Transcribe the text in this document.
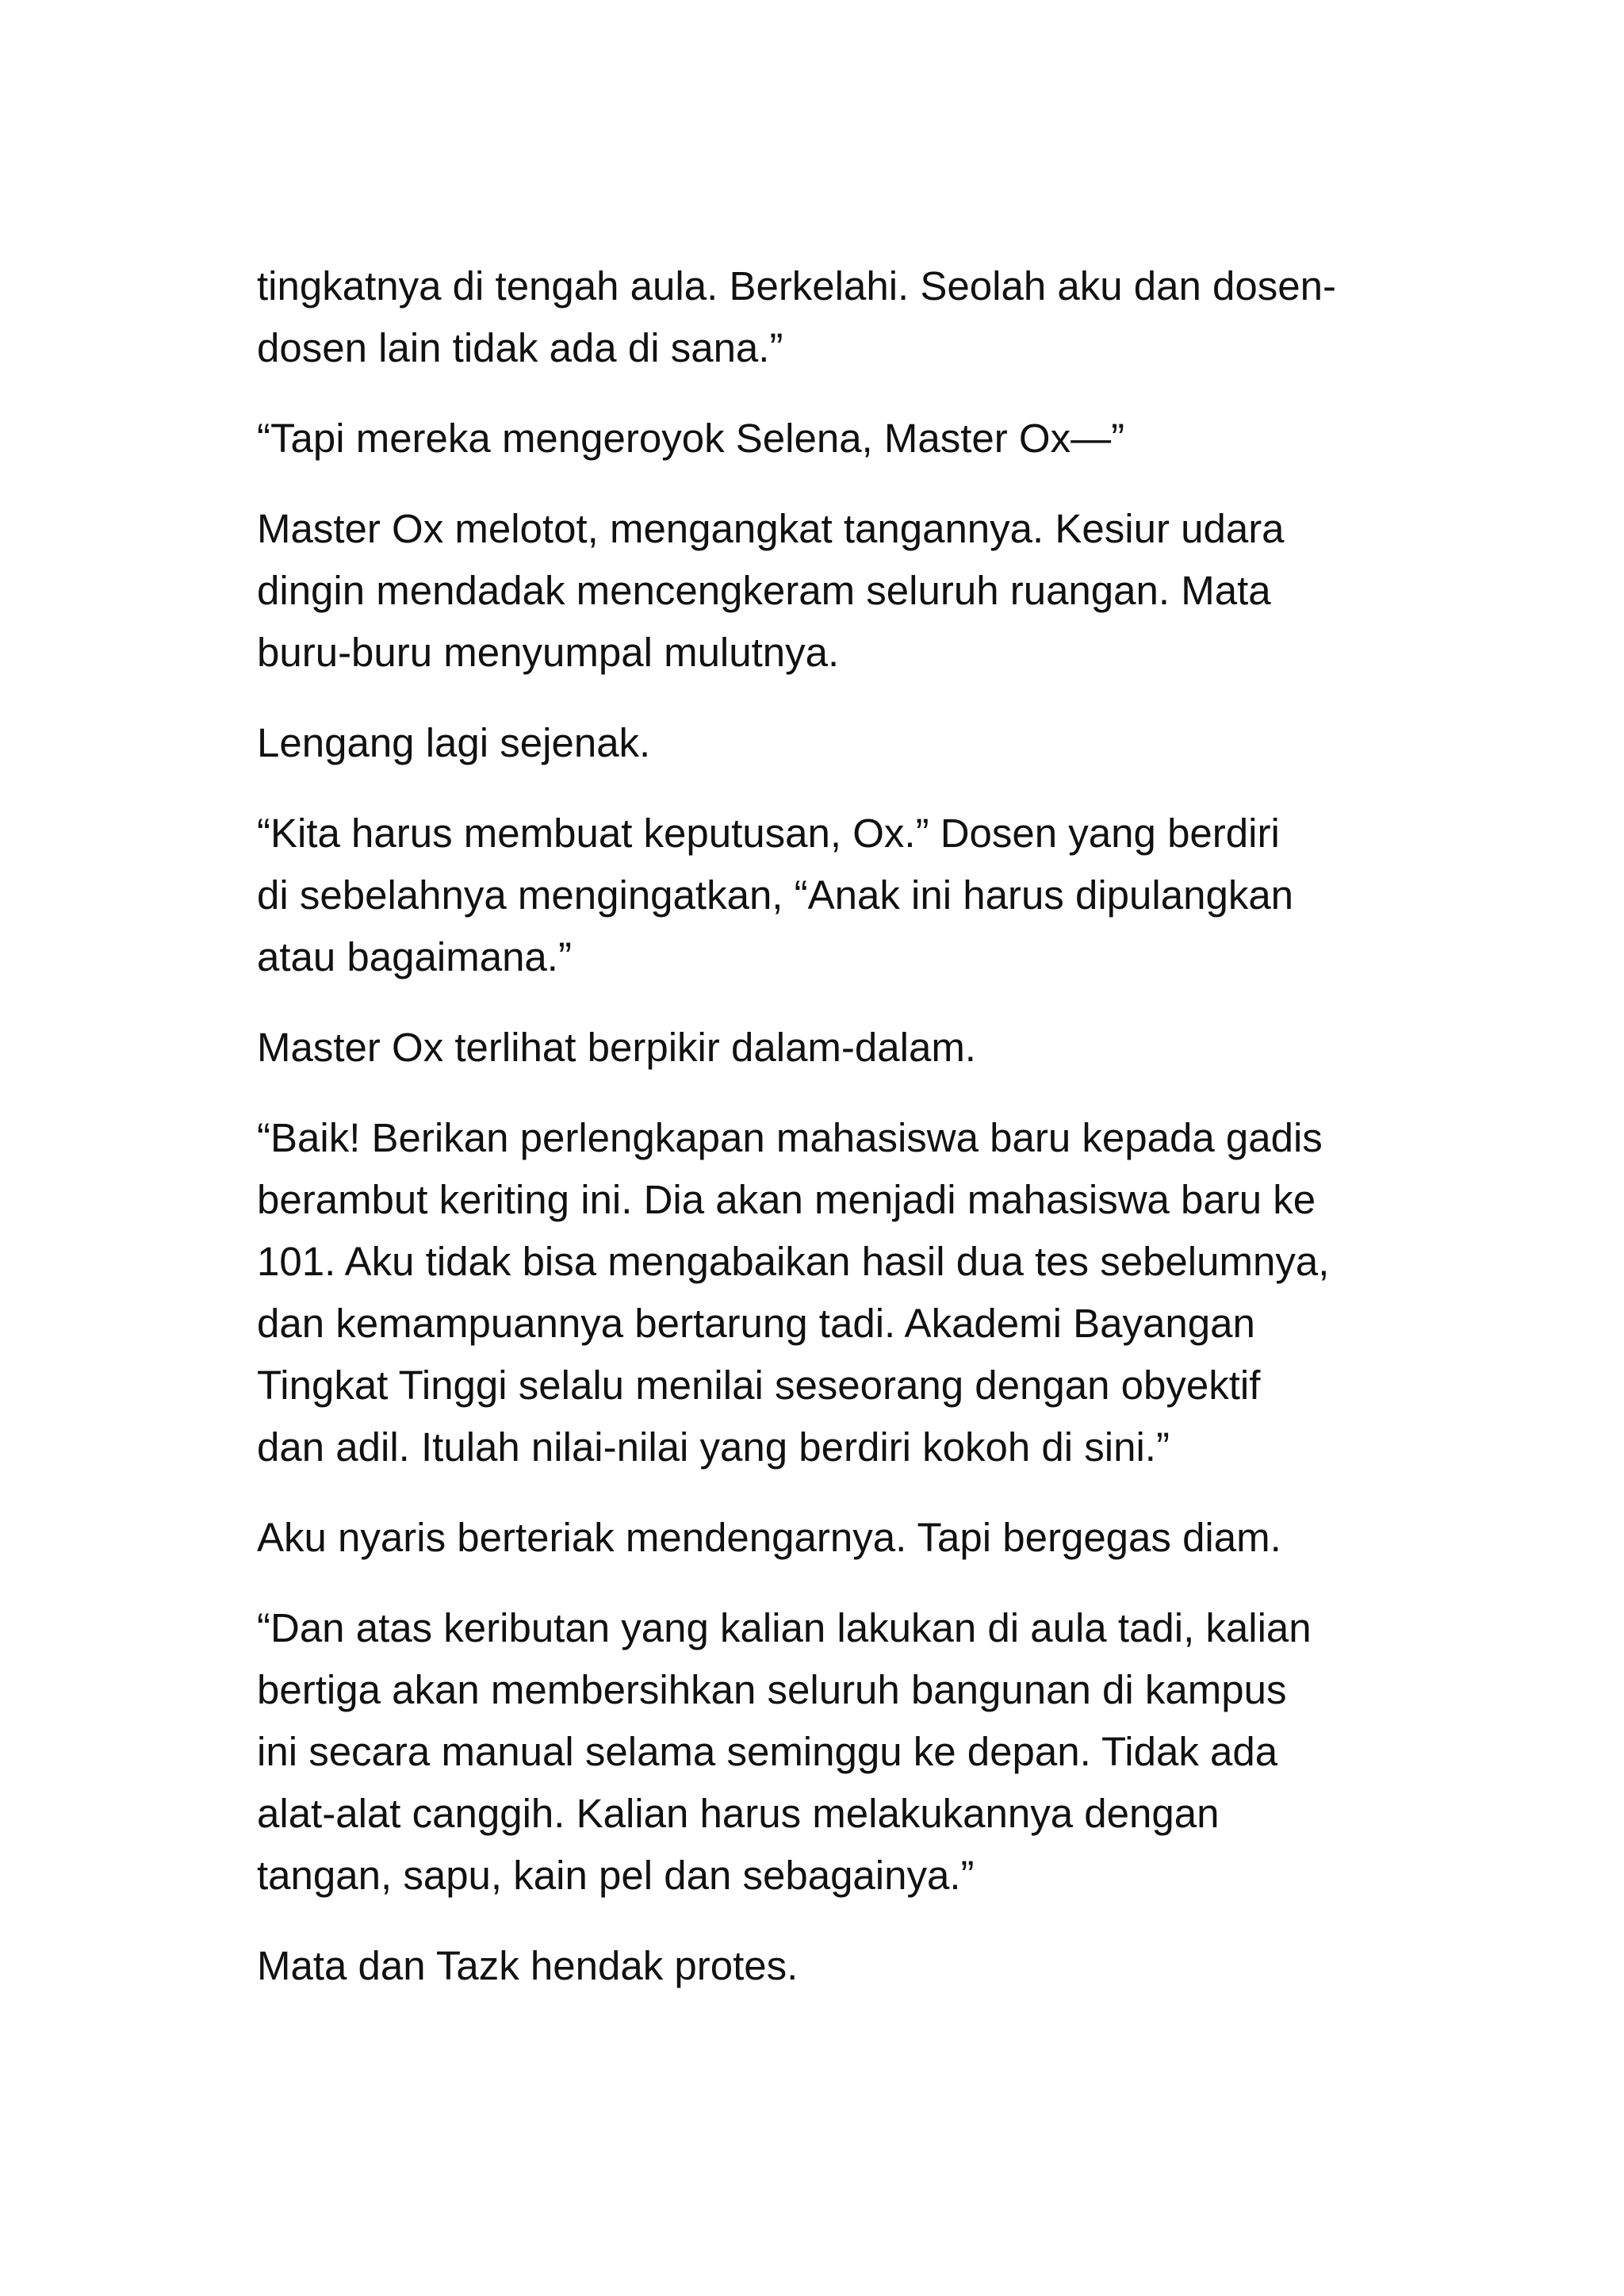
tingkatnya di tengah aula. Berkelahi. Seolah aku dan dosen-
dosen lain tidak ada di sana.”
“Tapi mereka mengeroyok Selena, Master Ox—”
Master Ox melotot, mengangkat tangannya. Kesiur udara
dingin mendadak mencengkeram seluruh ruangan. Mata
buru-buru menyumpal mulutnya.
Lengang lagi sejenak.
“Kita harus membuat keputusan, Ox.” Dosen yang berdiri
di sebelahnya mengingatkan, “Anak ini harus dipulangkan
atau bagaimana.”
Master Ox terlihat berpikir dalam-dalam.
“Baik! Berikan perlengkapan mahasiswa baru kepada gadis
berambut keriting ini. Dia akan menjadi mahasiswa baru ke
101. Aku tidak bisa mengabaikan hasil dua tes sebelumnya,
dan kemampuannya bertarung tadi. Akademi Bayangan
Tingkat Tinggi selalu menilai seseorang dengan obyektif
dan adil. Itulah nilai-nilai yang berdiri kokoh di sini.”
Aku nyaris berteriak mendengarnya. Tapi bergegas diam.
“Dan atas keributan yang kalian lakukan di aula tadi, kalian
bertiga akan membersihkan seluruh bangunan di kampus
ini secara manual selama seminggu ke depan. Tidak ada
alat-alat canggih. Kalian harus melakukannya dengan
tangan, sapu, kain pel dan sebagainya.”
Mata dan Tazk hendak protes.
